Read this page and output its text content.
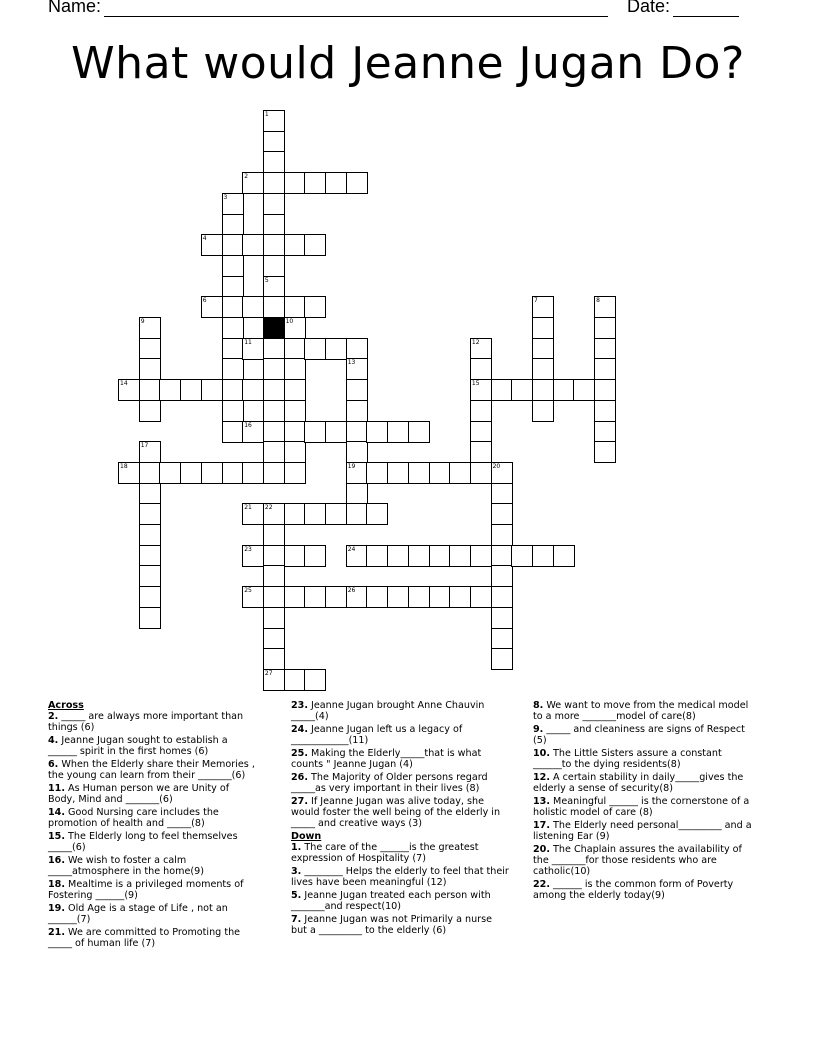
Name:	Date:
What would Jeanne Jugan Do?
1
5
2
3
4
6	7	8
9	10
11	12
15
13
19
14
16
17
18	20
21 22
27
23	24
25	26
Across
2. _____ are always more important than things (6)
4. Jeanne Jugan sought to establish a ______ spirit in the first homes (6)
6. When the Elderly share their Memories , the young can learn from their _______(6)
11. As Human person we are Unity of Body, Mind and _______(6)
14. Good Nursing care includes the promotion of health and _____(8)
15. The Elderly long to feel themselves _____(6)
16. We wish to foster a calm _____atmosphere in the home(9)
18. Mealtime is a privileged moments of Fostering ______(9)
19. Old Age is a stage of Life , not an ______(7)
21. We are committed to Promoting the _____ of human life (7)
23. Jeanne Jugan brought Anne Chauvin _____(4)
24. Jeanne Jugan left us a legacy of ____________(11)
25. Making the Elderly_____that is what counts " Jeanne Jugan (4)
26. The Majority of Older persons regard _____as very important in their lives (8)
27. If Jeanne Jugan was alive today, she would foster the well being of the elderly in _____ and creative ways (3)
Down
1. The care of the ______is the greatest expression of Hospitality (7)
3. ________ Helps the elderly to feel that their lives have been meaningful (12)
5. Jeanne Jugan treated each person with _______and respect(10)
7. Jeanne Jugan was not Primarily a nurse but a _________ to the elderly (6)
8. We want to move from the medical model to a more _______model of care(8)
9. _____ and cleaniness are signs of Respect (5)
10. The Little Sisters assure a constant ______to the dying residents(8)
12. A certain stability in daily_____gives the elderly a sense of security(8)
13. Meaningful ______ is the cornerstone of a holistic model of care (8)
17. The Elderly need personal_________ and a listening Ear (9)
20. The Chaplain assures the availability of the _______for those residents who are catholic(10)
22. ______ is the common form of Poverty among the elderly today(9)
